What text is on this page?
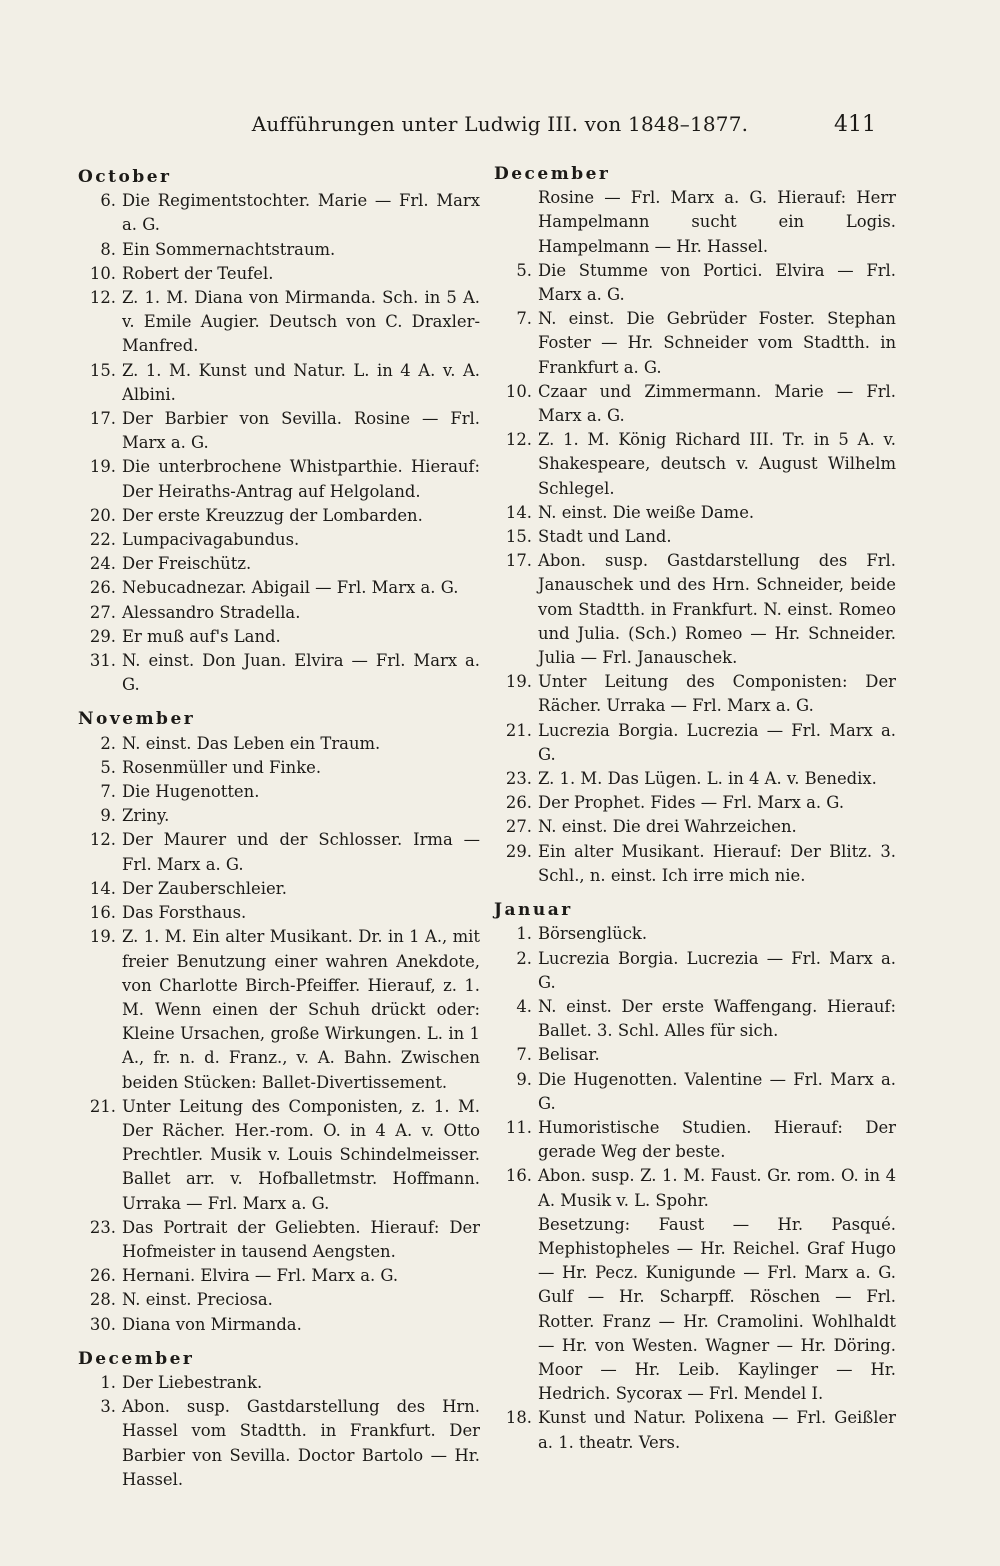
Aufführungen unter Ludwig III. von 1848–1877.	411
October
6. Die Regimentstochter. Marie — Frl. Marx a. G.
8. Ein Sommernachtstraum.
10. Robert der Teufel.
12. Z. 1. M. Diana von Mirmanda. Sch. in 5 A. v. Emile Augier. Deutsch von C. Draxler-Manfred.
15. Z. 1. M. Kunst und Natur. L. in 4 A. v. A. Albini.
17. Der Barbier von Sevilla. Rosine — Frl. Marx a. G.
19. Die unterbrochene Whistparthie. Hierauf: Der Heiraths-Antrag auf Helgoland.
20. Der erste Kreuzzug der Lombarden.
22. Lumpacivagabundus.
24. Der Freischütz.
26. Nebucadnezar. Abigail — Frl. Marx a. G.
27. Alessandro Stradella.
29. Er muß auf's Land.
31. N. einst. Don Juan. Elvira — Frl. Marx a. G.
November
2. N. einst. Das Leben ein Traum.
5. Rosenmüller und Finke.
7. Die Hugenotten.
9. Zriny.
12. Der Maurer und der Schlosser. Irma — Frl. Marx a. G.
14. Der Zauberschleier.
16. Das Forsthaus.
19. Z. 1. M. Ein alter Musikant. Dr. in 1 A., mit freier Benutzung einer wahren Anekdote, von Charlotte Birch-Pfeiffer. Hierauf, z. 1. M. Wenn einen der Schuh drückt oder: Kleine Ursachen, große Wirkungen. L. in 1 A., fr. n. d. Franz., v. A. Bahn. Zwischen beiden Stücken: Ballet-Divertissement.
21. Unter Leitung des Componisten, z. 1. M. Der Rächer. Her.-rom. O. in 4 A. v. Otto Prechtler. Musik v. Louis Schindelmeisser. Ballet arr. v. Hofballetmstr. Hoffmann. Urraka — Frl. Marx a. G.
23. Das Portrait der Geliebten. Hierauf: Der Hofmeister in tausend Aengsten.
26. Hernani. Elvira — Frl. Marx a. G.
28. N. einst. Preciosa.
30. Diana von Mirmanda.
December
1. Der Liebestrank.
3. Abon. susp. Gastdarstellung des Hrn. Hassel vom Stadtth. in Frankfurt. Der Barbier von Sevilla. Doctor Bartolo — Hr. Hassel.
December
Rosine — Frl. Marx a. G. Hierauf: Herr Hampelmann sucht ein Logis. Hampelmann — Hr. Hassel.
5. Die Stumme von Portici. Elvira — Frl. Marx a. G.
7. N. einst. Die Gebrüder Foster. Stephan Foster — Hr. Schneider vom Stadtth. in Frankfurt a. G.
10. Czaar und Zimmermann. Marie — Frl. Marx a. G.
12. Z. 1. M. König Richard III. Tr. in 5 A. v. Shakespeare, deutsch v. August Wilhelm Schlegel.
14. N. einst. Die weiße Dame.
15. Stadt und Land.
17. Abon. susp. Gastdarstellung des Frl. Janauschek und des Hrn. Schneider, beide vom Stadtth. in Frankfurt. N. einst. Romeo und Julia. (Sch.) Romeo — Hr. Schneider. Julia — Frl. Janauschek.
19. Unter Leitung des Componisten: Der Rächer. Urraka — Frl. Marx a. G.
21. Lucrezia Borgia. Lucrezia — Frl. Marx a. G.
23. Z. 1. M. Das Lügen. L. in 4 A. v. Benedix.
26. Der Prophet. Fides — Frl. Marx a. G.
27. N. einst. Die drei Wahrzeichen.
29. Ein alter Musikant. Hierauf: Der Blitz. 3. Schl., n. einst. Ich irre mich nie.
Januar
1. Börsenglück.
2. Lucrezia Borgia. Lucrezia — Frl. Marx a. G.
4. N. einst. Der erste Waffengang. Hierauf: Ballet. 3. Schl. Alles für sich.
7. Belisar.
9. Die Hugenotten. Valentine — Frl. Marx a. G.
11. Humoristische Studien. Hierauf: Der gerade Weg der beste.
16. Abon. susp. Z. 1. M. Faust. Gr. rom. O. in 4 A. Musik v. L. Spohr.
Besetzung: Faust — Hr. Pasqué. Mephistopheles — Hr. Reichel. Graf Hugo — Hr. Pecz. Kunigunde — Frl. Marx a. G. Gulf — Hr. Scharpff. Röschen — Frl. Rotter. Franz — Hr. Cramolini. Wohlhaldt — Hr. von Westen. Wagner — Hr. Döring. Moor — Hr. Leib. Kaylinger — Hr. Hedrich. Sycorax — Frl. Mendel I.
18. Kunst und Natur. Polixena — Frl. Geißler a. 1. theatr. Vers.
